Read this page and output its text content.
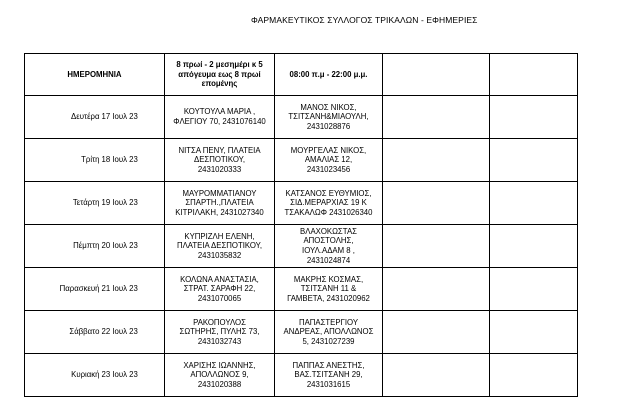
ΦΑΡΜΑΚΕΥΤΙΚΟΣ ΣΥΛΛΟΓΟΣ ΤΡΙΚΑΛΩΝ - ΕΦΗΜΕΡΙΕΣ
ΗΜΕΡΟΜΗΝΙΑ		8 πρωί - 2 μεσημέρι κ 5 απόγευμα εως 8 πρωί επομένης	08:00 π.μ - 22:00 μ.μ.		
Δευτέρα	17 Ιουλ 23	ΚΟΥΤΟΥΛΑ ΜΑΡΙΑ ,
ΦΛΕΓΙΟΥ 70, 2431076140	ΜΑΝΟΣ ΝΙΚΟΣ,
ΤΣΙΤΣΑΝΗ&ΜΙΑΟΥΛΗ,
2431028876		

Τρίτη	18 Ιουλ 23	ΝΙΤΣΑ ΠΕΝΥ, ΠΛΑΤΕΙΑ
ΔΕΣΠΟΤΙΚΟΥ,
2431020333	ΜΟΥΡΓΕΛΑΣ ΝΙΚΟΣ,
ΑΜΑΛΙΑΣ 12,
2431023456		

Τετάρτη	19 Ιουλ 23	ΜΑΥΡΟΜΜΑΤΙΑΝΟΥ
ΣΠΑΡΤΗ.,ΠΛΑΤΕΙΑ
ΚΙΤΡΙΛΑΚΗ, 2431027340	ΚΑΤΣΑΝΟΣ ΕΥΘΥΜΙΟΣ,
ΣΙΔ.ΜΕΡΑΡΧΙΑΣ 19 Κ
ΤΣΑΚΑΛΩΦ 2431026340		

Πέμπτη	20 Ιουλ 23	ΚΥΠΡΙΖΛΗ ΕΛΕΝΗ,
ΠΛΑΤΕΙΑ ΔΕΣΠΟΤΙΚΟΥ,
2431035832	ΒΛΑΧΟΚΩΣΤΑΣ
ΑΠΟΣΤΟΛΗΣ,
ΙΟΥΛ.ΑΔΑΜ 8 ,
2431024874		

Παρασκευή	21 Ιουλ 23	ΚΟΛΩΝΑ ΑΝΑΣΤΑΣΙΑ,
ΣΤΡΑΤ. ΣΑΡΑΦΗ 22,
2431070065	ΜΑΚΡΗΣ ΚΟΣΜΑΣ,
ΤΣΙΤΣΑΝΗ 11 &
ΓΑΜΒΕΤΑ, 2431020962		

Σάββατο	22 Ιουλ 23	ΡΑΚΟΠΟΥΛΟΣ
ΣΩΤΗΡΗΣ, ΠΥΛΗΣ 73,
2431032743	ΠΑΠΑΣΤΕΡΓΙΟΥ
ΑΝΔΡΕΑΣ, ΑΠΟΛΛΩΝΟΣ
5, 2431027239		

Κυριακή	23 Ιουλ 23	ΧΑΡΙΣΗΣ ΙΩΑΝΝΗΣ,
ΑΠΟΛΛΩΝΟΣ 9,
2431020388	ΠΑΠΠΑΣ ΑΝΕΣΤΗΣ,
ΒΑΣ.ΤΣΙΤΣΑΝΗ 29,
2431031615		
